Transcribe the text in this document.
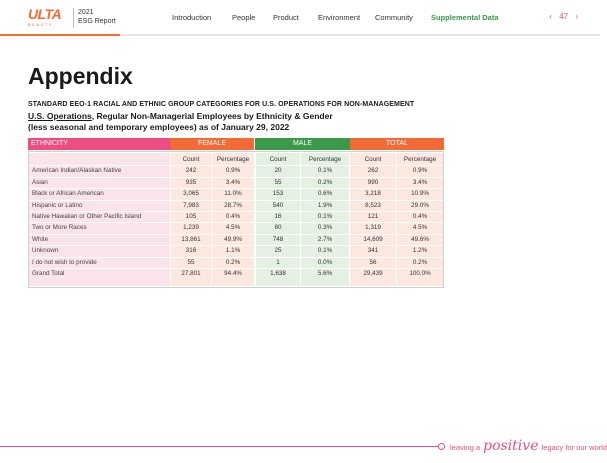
ULTA
BEAUTY
2021
ESG Report	Introduction	People Product	Environment Community Supplemental Data	‹ 47 ›
Appendix
STANDARD EEO-1 RACIAL AND ETHNIC GROUP CATEGORIES FOR U.S. OPERATIONS FOR NON-MANAGEMENT
U.S. Operations, Regular Non-Managerial Employees by Ethnicity & Gender
(less seasonal and temporary employees) as of January 29, 2022
ETHNICITY	FEMALE	MALE	TOTAL
Count	Percentage	Count	Percentage	Count	Percentage
American Indian/Alaskan Native	242	0.9%	20	0.1%	262	0.9%
Asian	935	3.4%	55	0.2%	990	3.4%
Black or African American	3,065	11.0%	153	0.6%	3,218	10.9%
Hispanic or Latino	7,983	28.7%	540	1.9%	8,523	29.0%
Native Hawaiian or Other Pacific Island	105	0.4%	16	0.1%	121	0.4%
Two or More Races	1,239	4.5%	80	0.3%	1,319	4.5%
White	13,861	49.9%	748	2.7%	14,609	49.6%
Unknown	316	1.1%	25	0.1%	341	1.2%
I do not wish to provide	55	0.2%	1	0.0%	56	0.2%
Grand Total	27,801	94.4%	1,638	5.6%	29,439	100.0%
leaving a positive legacy for our world
